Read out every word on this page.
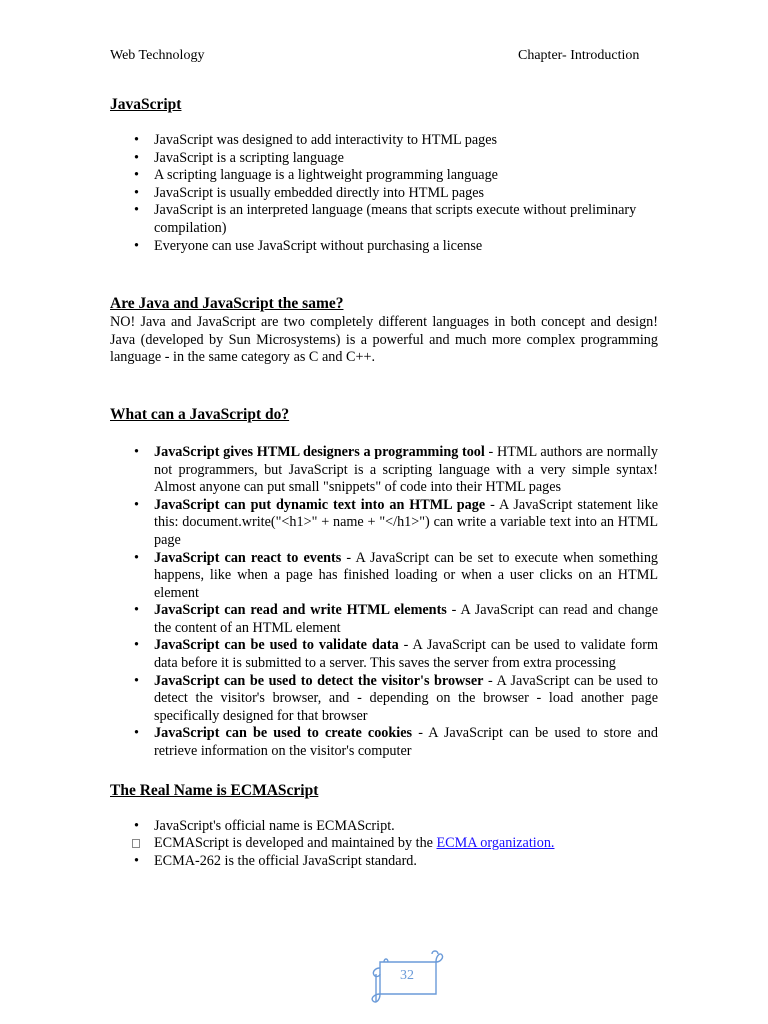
Web Technology	Chapter- Introduction
JavaScript
• JavaScript was designed to add interactivity to HTML pages
• JavaScript is a scripting language
• A scripting language is a lightweight programming language
• JavaScript is usually embedded directly into HTML pages
• JavaScript is an interpreted language (means that scripts execute without preliminary compilation)
• Everyone can use JavaScript without purchasing a license
Are Java and JavaScript the same?

NO! Java and JavaScript are two completely different languages in both concept and design! Java (developed by Sun Microsystems) is a powerful and much more complex programming language - in the same category as C and C++.

What can a JavaScript do?
• JavaScript gives HTML designers a programming tool - HTML authors are normally not programmers, but JavaScript is a scripting language with a very simple syntax! Almost anyone can put small "snippets" of code into their HTML pages
• JavaScript can put dynamic text into an HTML page - A JavaScript statement like this: document.write("<h1>" + name + "</h1>") can write a variable text into an HTML page
• JavaScript can react to events - A JavaScript can be set to execute when something happens, like when a page has finished loading or when a user clicks on an HTML element
• JavaScript can read and write HTML elements - A JavaScript can read and change the content of an HTML element
• JavaScript can be used to validate data - A JavaScript can be used to validate form data before it is submitted to a server. This saves the server from extra processing
• JavaScript can be used to detect the visitor's browser - A JavaScript can be used to detect the visitor's browser, and - depending on the browser - load another page specifically designed for that browser
• JavaScript can be used to create cookies - A JavaScript can be used to store and retrieve information on the visitor's computer
The Real Name is ECMAScript
• JavaScript's official name is ECMAScript.
ECMAScript is developed and maintained by the ECMA organization.
• ECMA-262 is the official JavaScript standard.
32
